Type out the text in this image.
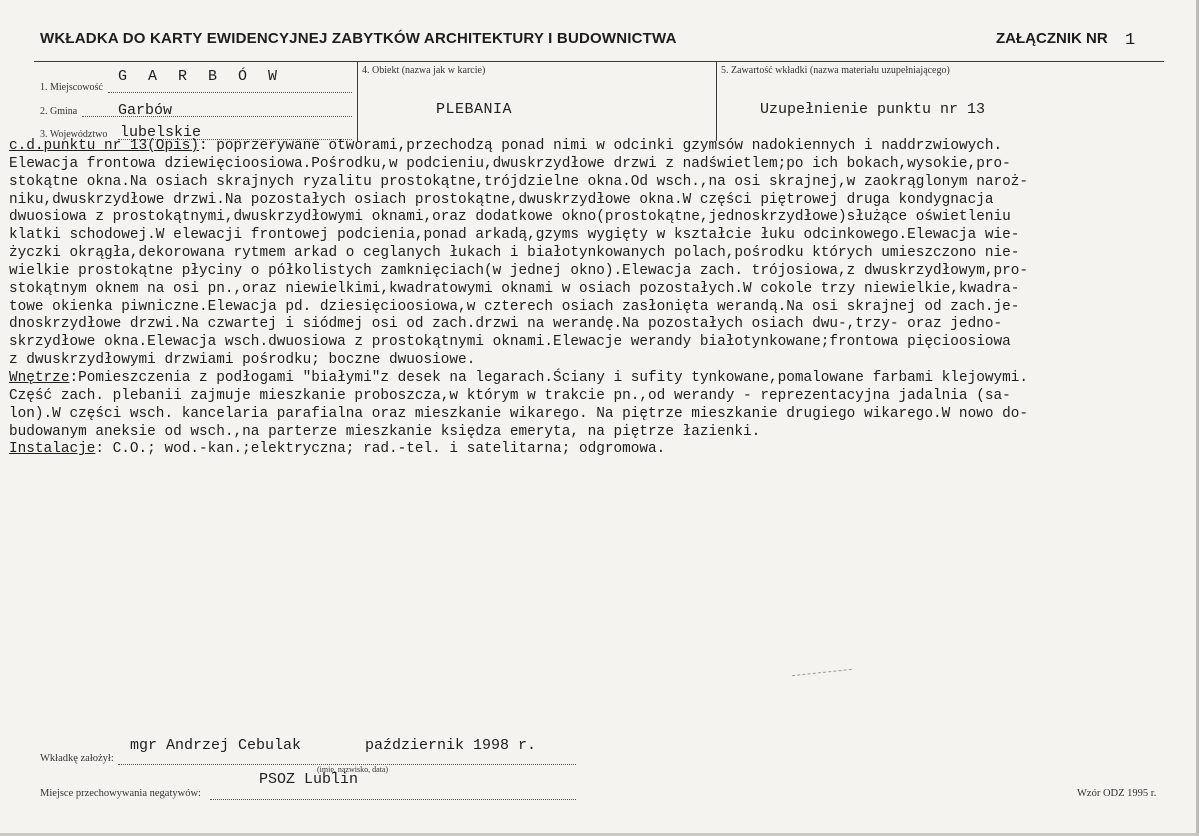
WKŁADKA DO KARTY EWIDENCYJNEJ ZABYTKÓW ARCHITEKTURY I BUDOWNICTWA	ZAŁĄCZNIK NR 1
1. Miejscowość
G A R B Ó W
2. Gmina	Garbów
3. Województwo lubelskie
4. Obiekt (nazwa jak w karcie)
PLEBANIA
5. Zawartość wkładki (nazwa materiału uzupełniającego)
Uzupełnienie punktu nr 13
c.d.punktu nr 13(Opis): poprzerywane otworami,przechodzą ponad nimi w odcinki gzymsów nadokiennych i naddrzwiowych.
Elewacja frontowa dziewięcioosiowa.Pośrodku,w podcieniu,dwuskrzydłowe drzwi z nadświetlem;po ich bokach,wysokie,pro-
stokątne okna.Na osiach skrajnych ryzalitu prostokątne,trójdzielne okna.Od wsch.,na osi skrajnej,w zaokrąglonym naroż-
niku,dwuskrzydłowe drzwi.Na pozostałych osiach prostokątne,dwuskrzydłowe okna.W części piętrowej druga kondygnacja
dwuosiowa z prostokątnymi,dwuskrzydłowymi oknami,oraz dodatkowe okno(prostokątne,jednoskrzydłowe)służące oświetleniu
klatki schodowej.W elewacji frontowej podcienia,ponad arkadą,gzyms wygięty w kształcie łuku odcinkowego.Elewacja wie-
życzki okrągła,dekorowana rytmem arkad o ceglanych łukach i białotynkowanych polach,pośrodku których umieszczono nie-
wielkie prostokątne płyciny o półkolistych zamknięciach(w jednej okno).Elewacja zach. trójosiowa,z dwuskrzydłowym,pro-
stokątnym oknem na osi pn.,oraz niewielkimi,kwadratowymi oknami w osiach pozostałych.W cokole trzy niewielkie,kwadra-
towe okienka piwniczne.Elewacja pd. dziesięcioosiowa,w czterech osiach zasłonięta werandą.Na osi skrajnej od zach.je-
dnoskrzydłowe drzwi.Na czwartej i siódmej osi od zach.drzwi na werandę.Na pozostałych osiach dwu-,trzy- oraz jedno-
skrzydłowe okna.Elewacja wsch.dwuosiowa z prostokątnymi oknami.Elewacje werandy białotynkowane;frontowa pięcioosiowa
z dwuskrzydłowymi drzwiami pośrodku; boczne dwuosiowe.
Wnętrze:Pomieszczenia z podłogami "białymi"z desek na legarach.Ściany i sufity tynkowane,pomalowane farbami klejowymi.
Część zach. plebanii zajmuje mieszkanie proboszcza,w którym w trakcie pn.,od werandy - reprezentacyjna jadalnia (sa-
lon).W części wsch. kancelaria parafialna oraz mieszkanie wikarego. Na piętrze mieszkanie drugiego wikarego.W nowo do-
budowanym aneksie od wsch.,na parterze mieszkanie księdza emeryta, na piętrze łazienki.
Instalacje: C.O.; wod.-kan.;elektryczna; rad.-tel. i satelitarna; odgromowa.
mgr Andrzej Cebulak	październik 1998 r.
Wkładkę założył:
(imię, nazwisko, data)
PSOZ Lublin
Miejsce przechowywania negatywów:	Wzór ODZ 1995 r.
